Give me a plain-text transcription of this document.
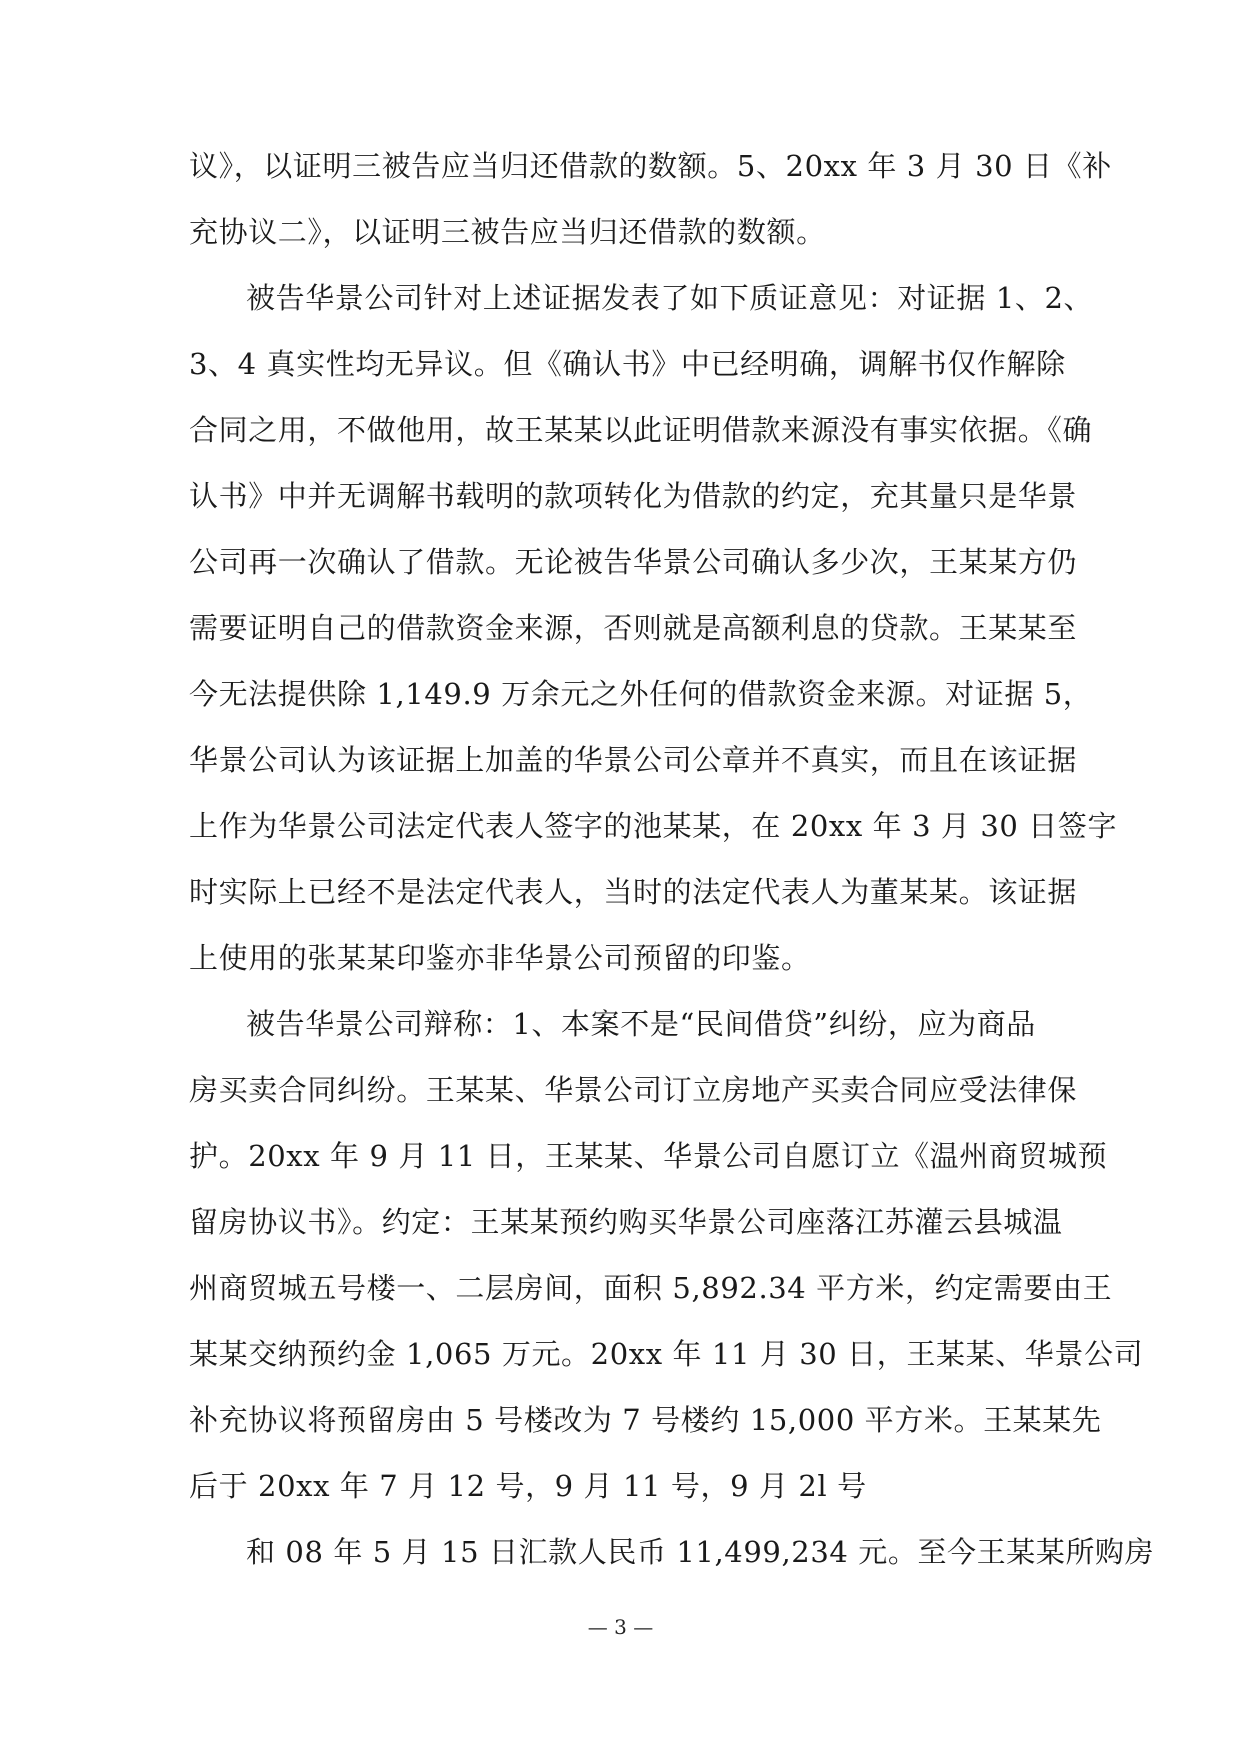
议》，以证明三被告应当归还借款的数额。5、20xx 年 3 月 30 日《补
充协议二》，以证明三被告应当归还借款的数额。
被告华景公司针对上述证据发表了如下质证意见：对证据 1、2、
3、4 真实性均无异议。但《确认书》中已经明确，调解书仅作解除
合同之用，不做他用，故王某某以此证明借款来源没有事实依据。《确
认书》中并无调解书载明的款项转化为借款的约定，充其量只是华景
公司再一次确认了借款。无论被告华景公司确认多少次，王某某方仍
需要证明自己的借款资金来源，否则就是高额利息的贷款。王某某至
今无法提供除 1,149.9 万余元之外任何的借款资金来源。对证据 5，
华景公司认为该证据上加盖的华景公司公章并不真实，而且在该证据
上作为华景公司法定代表人签字的池某某，在 20xx 年 3 月 30 日签字
时实际上已经不是法定代表人，当时的法定代表人为董某某。该证据
上使用的张某某印鉴亦非华景公司预留的印鉴。
被告华景公司辩称：1、本案不是“民间借贷”纠纷，应为商品
房买卖合同纠纷。王某某、华景公司订立房地产买卖合同应受法律保
护。20xx 年 9 月 11 日，王某某、华景公司自愿订立《温州商贸城预
留房协议书》。约定：王某某预约购买华景公司座落江苏灌云县城温
州商贸城五号楼一、二层房间，面积 5,892.34 平方米，约定需要由王
某某交纳预约金 1,065 万元。20xx 年 11 月 30 日，王某某、华景公司
补充协议将预留房由 5 号楼改为 7 号楼约 15,000 平方米。王某某先
后于 20xx 年 7 月 12 号，9 月 11 号，9 月 2l 号
和 08 年 5 月 15 日汇款人民币 11,499,234 元。至今王某某所购房
— 3 —
